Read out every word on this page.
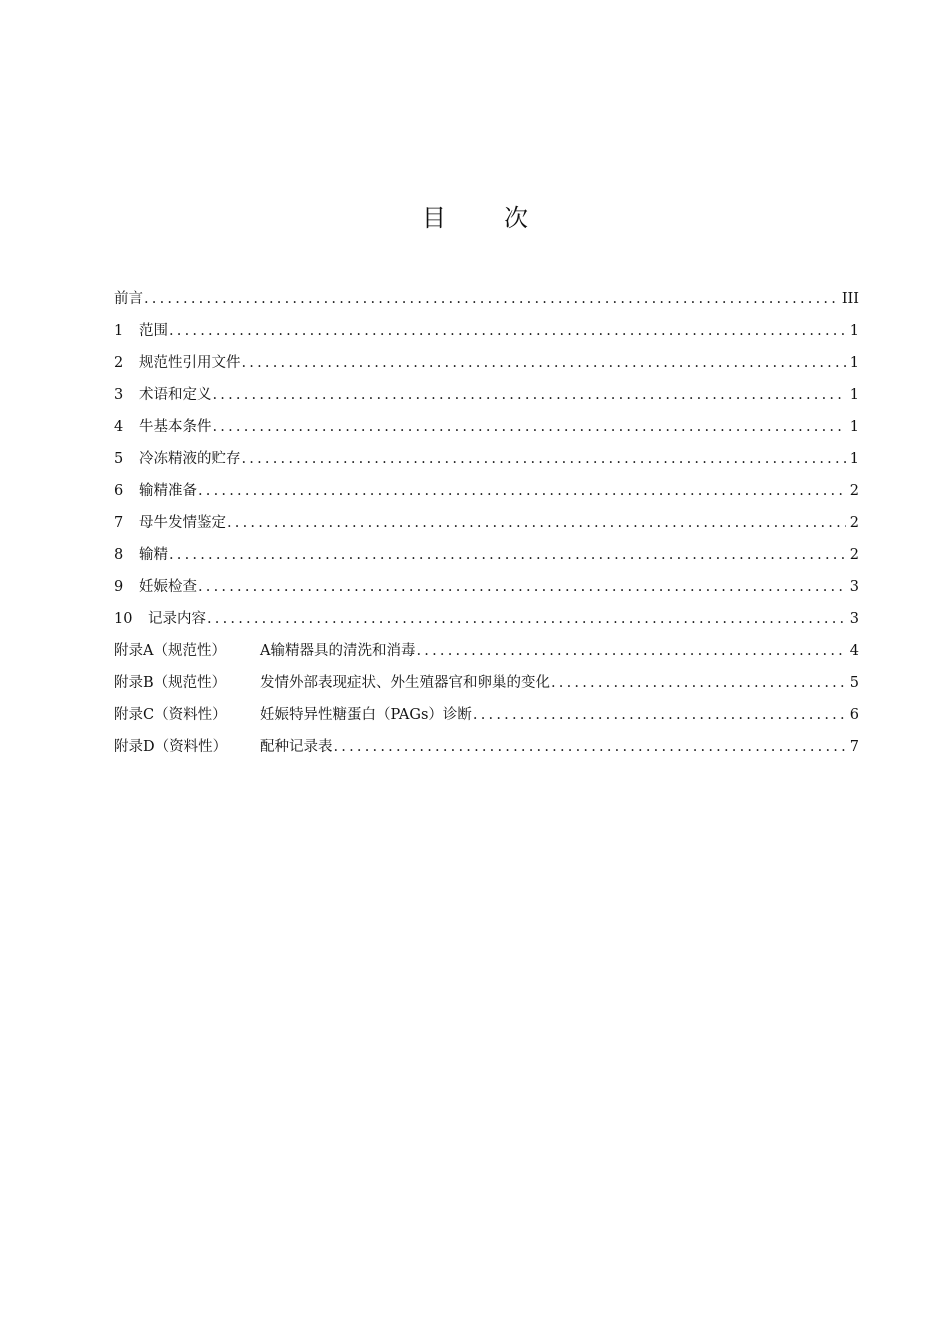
目 次
前言 .....	III
1	范围 .....	1
2	规范性引用文件 .....	1
3	术语和定义 .....	1
4	牛基本条件 .....	1
5	冷冻精液的贮存 .....	1
6	输精准备 .....	2
7	母牛发情鉴定 .....	2
8	输精 .....	2
9	妊娠检查 .....	3
10	记录内容 .....	3
附录A（规范性）	A输精器具的清洗和消毒 .....	4
附录B（规范性）	发情外部表现症状、外生殖器官和卵巢的变化 .....	5
附录C（资料性）	妊娠特异性糖蛋白（PAGs）诊断 .....	6
附录D（资料性）	配种记录表 .....	7
